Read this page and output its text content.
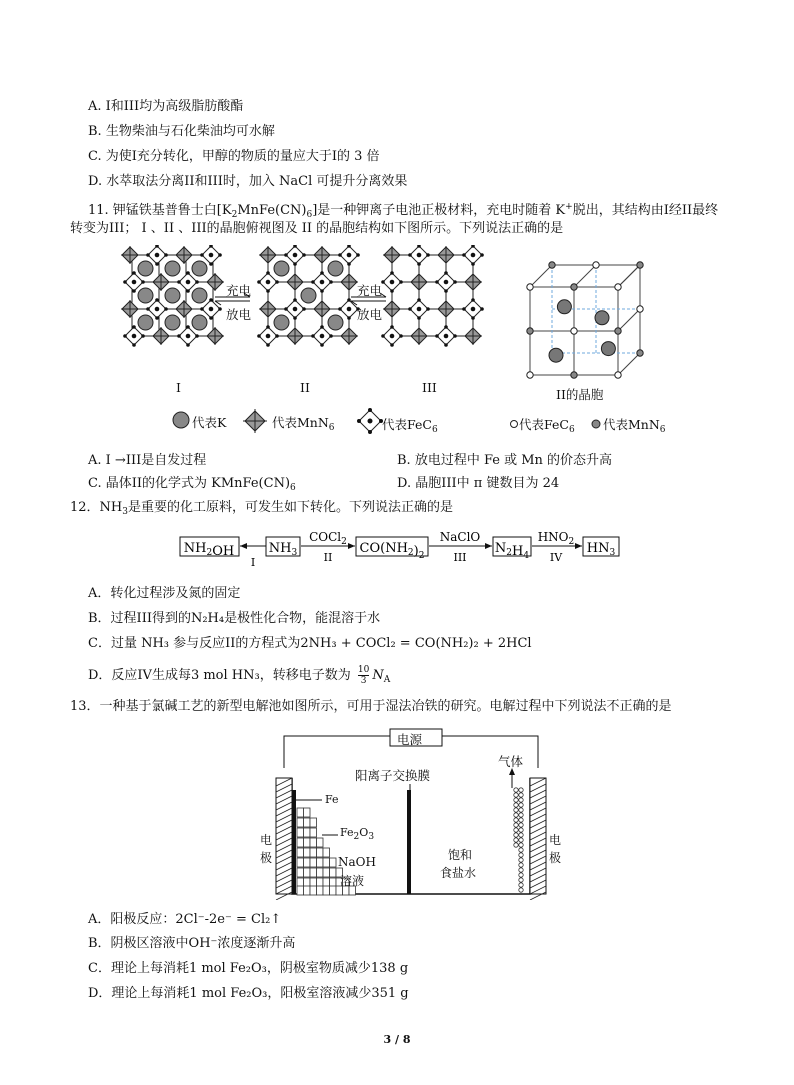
A. I和III均为高级脂肪酸酯
B. 生物柴油与石化柴油均可水解
C. 为使I充分转化，甲醇的物质的量应大于I的 3 倍
D. 水萃取法分离II和III时，加入 NaCl 可提升分离效果
11. 钾锰铁基普鲁士白$[K_2MnFe(CN)_6]$是一种钾离子电池正极材料，充电时随着 K+脱出，其结构由I经II最终
转变为III； I 、II 、III的晶胞俯视图及 II 的晶胞结构如下图所示。下列说法正确的是
充电
放电
充电
放电
I	II	III	II的晶胞
代表K	代表MnN$_6$	代表FeC$_6$	代表FeC$_6$ 代表MnN$_6$
A. I →III是自发过程	B. 放电过程中 Fe 或 Mn 的价态升高
C. 晶体II的化学式为 $KMnFe(CN)_6$	D. 晶胞III中 π 键数目为 24
12．$NH_3$是重要的化工原料，可发生如下转化。下列说法正确的是
$NH_2OH$
I
$NH_3$
COCl$_2$
II
$CO(NH_2)_2$
NaClO
III
$N_2H_4$
$HNO_2$
IV
$HN_3$
A．转化过程涉及氮的固定
B．过程III得到的N₂H₄是极性化合物，能混溶于水
C．过量 NH₃ 参与反应II的方程式为2NH₃ + COCl₂ = CO(NH₂)₂ + 2HCl
D．反应IV生成每3 mol HN₃，转移电子数为 $\frac{10}{3} N_A$
13．一种基于氯碱工艺的新型电解池如图所示，可用于湿法冶铁的研究。电解过程中下列说法不正确的是
电源
阳离子交换膜
气体
Fe
$Fe_2O_3$
NaOH
溶液
饱和
食盐水
电
极
电
极
A．阳极反应：2Cl⁻-2e⁻ = Cl₂↑
B．阴极区溶液中OH⁻浓度逐渐升高
C．理论上每消耗1 mol Fe₂O₃，阴极室物质减少138 g
D．理论上每消耗1 mol Fe₂O₃，阳极室溶液减少351 g
3 / 8
